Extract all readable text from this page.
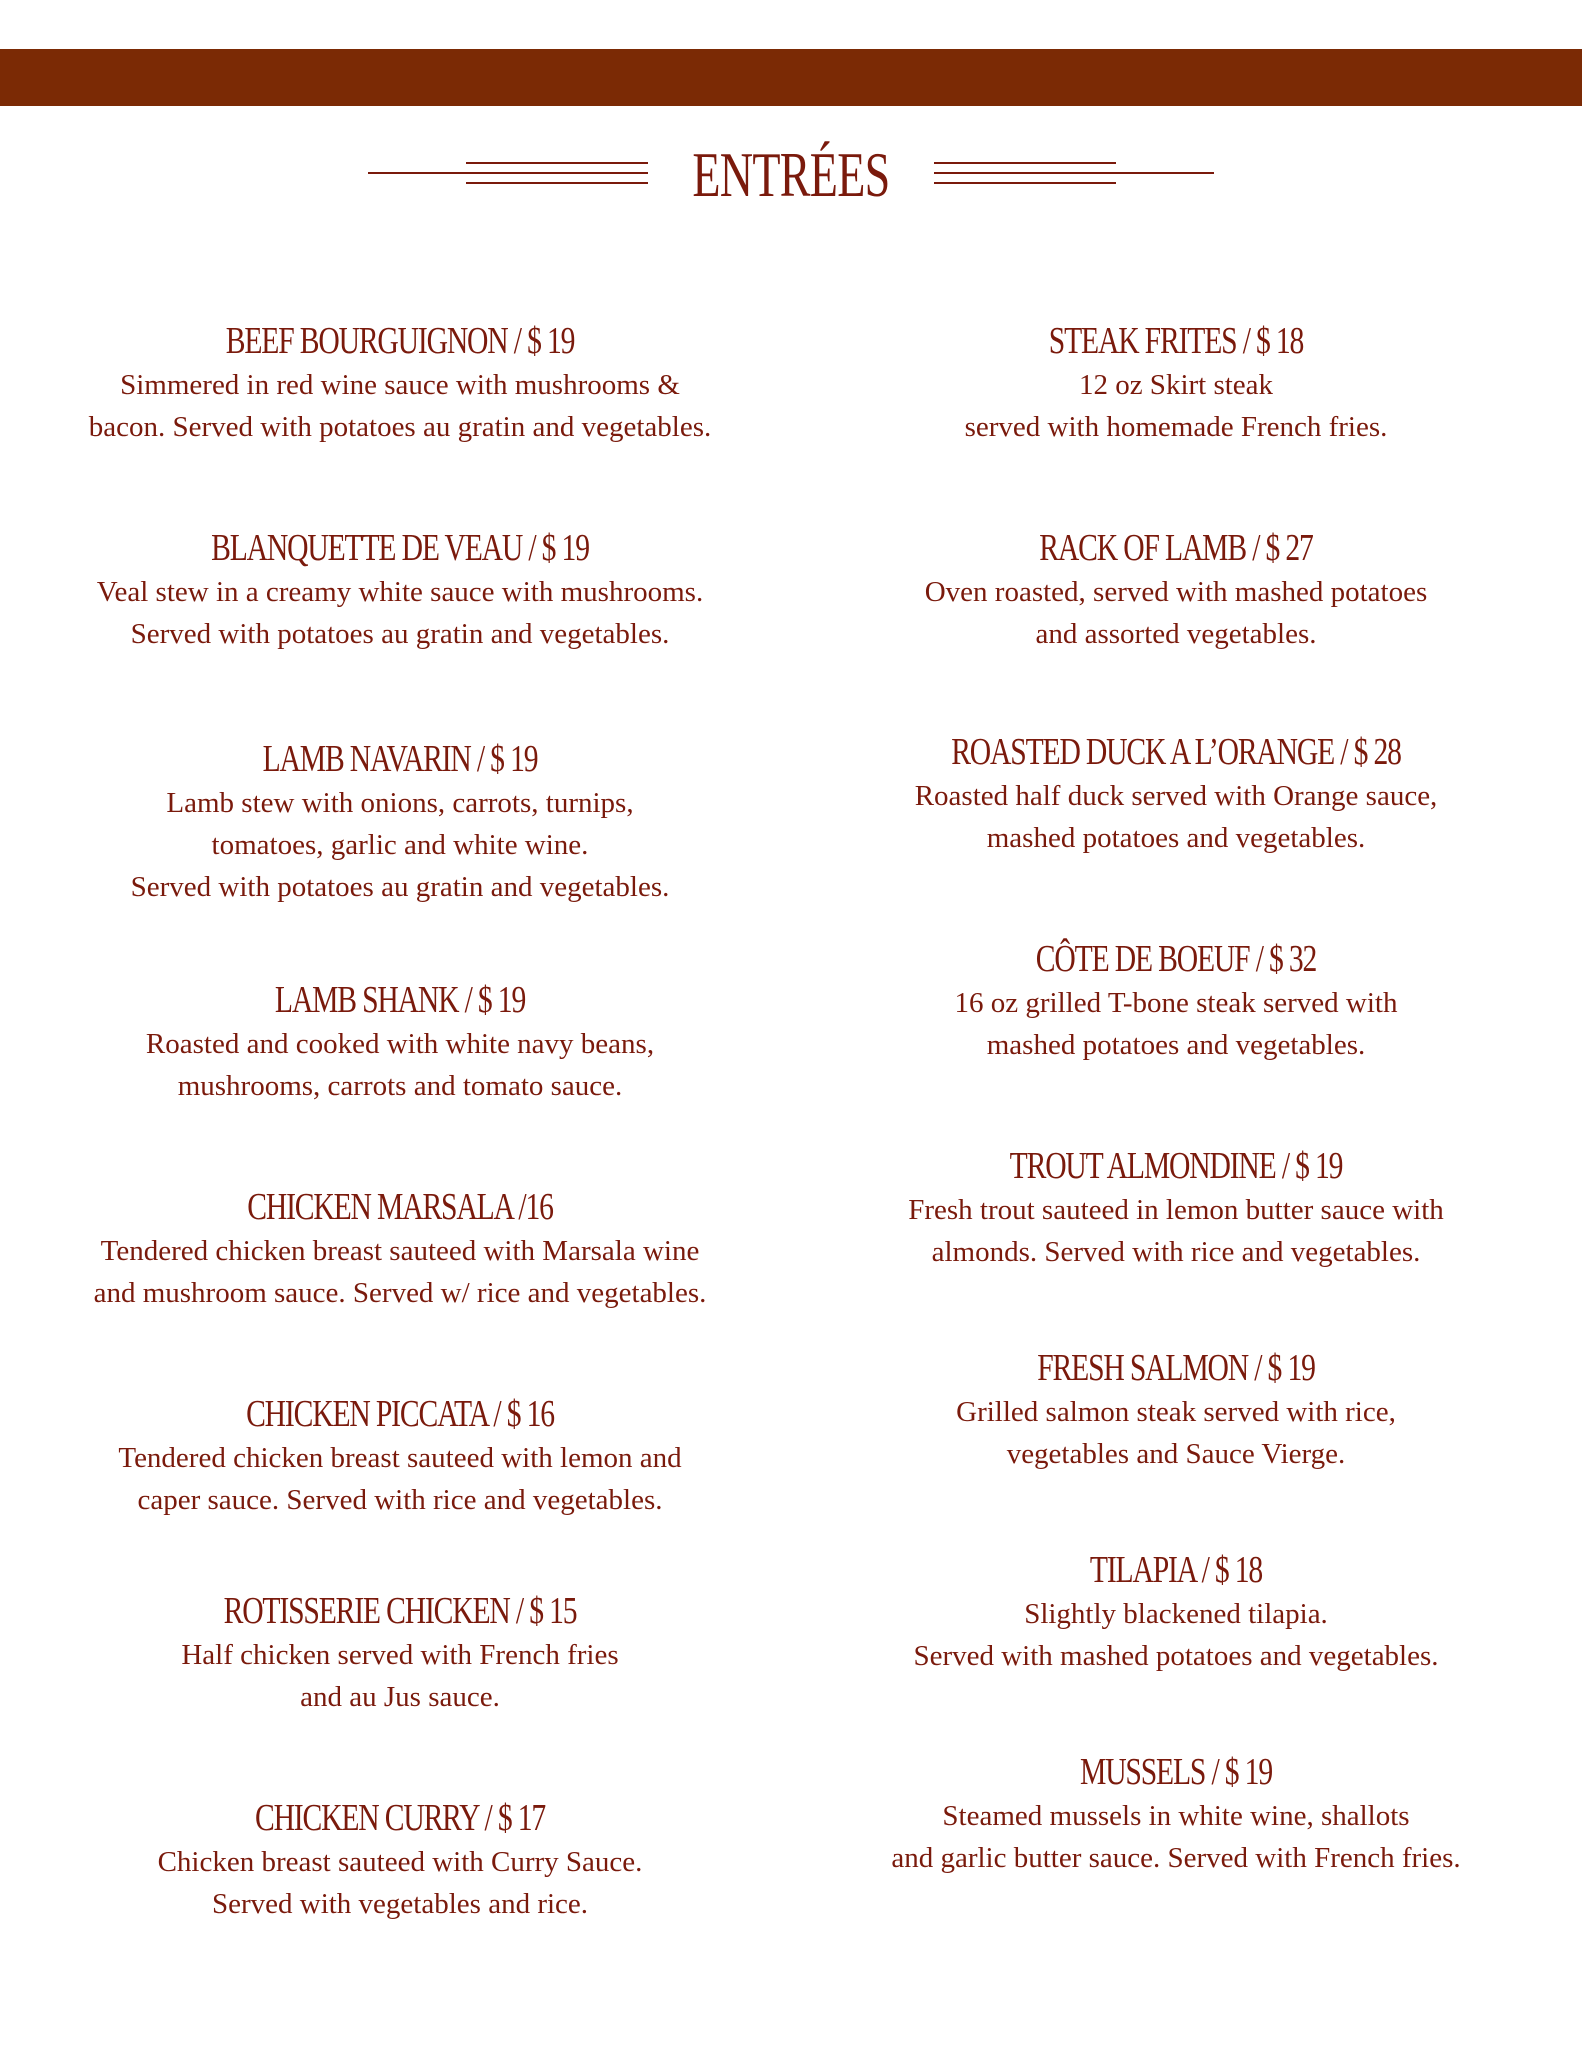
ENTRÉES
BEEF BOURGUIGNON / $ 19
Simmered in red wine sauce with mushrooms &
bacon. Served with potatoes au gratin and vegetables.
BLANQUETTE DE VEAU / $ 19
Veal stew in a creamy white sauce with mushrooms.
Served with potatoes au gratin and vegetables.
LAMB NAVARIN / $ 19
Lamb stew with onions, carrots, turnips,
tomatoes, garlic and white wine.
Served with potatoes au gratin and vegetables.
LAMB SHANK / $ 19
Roasted and cooked with white navy beans,
mushrooms, carrots and tomato sauce.
CHICKEN MARSALA /16
Tendered chicken breast sauteed with Marsala wine
and mushroom sauce. Served w/ rice and vegetables.
CHICKEN PICCATA / $ 16
Tendered chicken breast sauteed with lemon and
caper sauce. Served with rice and vegetables.
ROTISSERIE CHICKEN / $ 15
Half chicken served with French fries
and au Jus sauce.
CHICKEN CURRY / $ 17
Chicken breast sauteed with Curry Sauce.
Served with vegetables and rice.
STEAK FRITES / $ 18
12 oz Skirt steak
served with homemade French fries.
RACK OF LAMB / $ 27
Oven roasted, served with mashed potatoes
and assorted vegetables.
ROASTED DUCK A L’ORANGE / $ 28
Roasted half duck served with Orange sauce,
mashed potatoes and vegetables.
CÔTE DE BOEUF / $ 32
16 oz grilled T-bone steak served with
mashed potatoes and vegetables.
TROUT ALMONDINE / $ 19
Fresh trout sauteed in lemon butter sauce with
almonds. Served with rice and vegetables.
FRESH SALMON / $ 19
Grilled salmon steak served with rice,
vegetables and Sauce Vierge.
TILAPIA / $ 18
Slightly blackened tilapia.
Served with mashed potatoes and vegetables.
MUSSELS / $ 19
Steamed mussels in white wine, shallots
and garlic butter sauce. Served with French fries.
